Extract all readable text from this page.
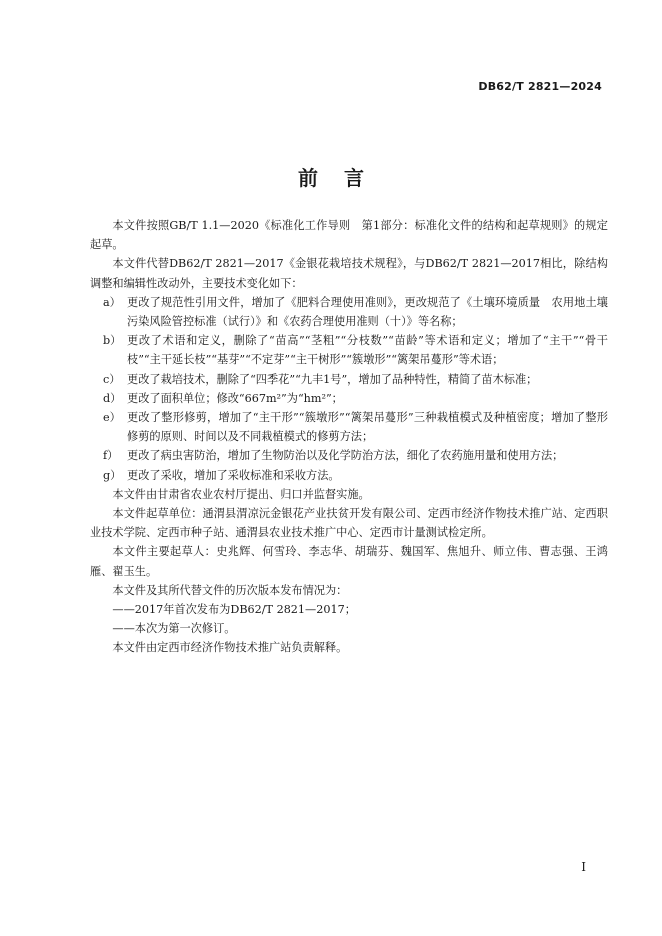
DB62/T 2821—2024
前言

本文件按照GB/T 1.1—2020《标准化工作导则　第1部分：标准化文件的结构和起草规则》的规定起草。

本文件代替DB62/T 2821—2017《金银花栽培技术规程》，与DB62/T 2821—2017相比，除结构调整和编辑性改动外，主要技术变化如下：

a） 更改了规范性引用文件，增加了《肥料合理使用准则》，更改规范了《土壤环境质量　农用地土壤污染风险管控标准（试行）》和《农药合理使用准则（十）》等名称；

b） 更改了术语和定义，删除了“苗高”“茎粗”“分枝数”“苗龄”等术语和定义；增加了“主干”“骨干枝”“主干延长枝”“基芽”“不定芽”“主干树形”“簇墩形”“篱架吊蔓形”等术语；

c） 更改了栽培技术，删除了“四季花”“九丰1号”，增加了品种特性，精简了苗木标准；

d） 更改了面积单位；修改“667m²”为“hm²”；

e） 更改了整形修剪，增加了“主干形”“簇墩形”“篱架吊蔓形”三种栽植模式及种植密度；增加了整形修剪的原则、时间以及不同栽植模式的修剪方法；

f） 更改了病虫害防治，增加了生物防治以及化学防治方法，细化了农药施用量和使用方法；

g） 更改了采收，增加了采收标准和采收方法。

本文件由甘肃省农业农村厅提出、归口并监督实施。

本文件起草单位：通渭县渭凉沅金银花产业扶贫开发有限公司、定西市经济作物技术推广站、定西职业技术学院、定西市种子站、通渭县农业技术推广中心、定西市计量测试检定所。

本文件主要起草人：史兆辉、何雪玲、李志华、胡瑞芬、魏国军、焦旭升、师立伟、曹志强、王鸿雁、翟玉生。

本文件及其所代替文件的历次版本发布情况为：

——2017年首次发布为DB62/T 2821—2017；

——本次为第一次修订。

本文件由定西市经济作物技术推广站负责解释。

I
